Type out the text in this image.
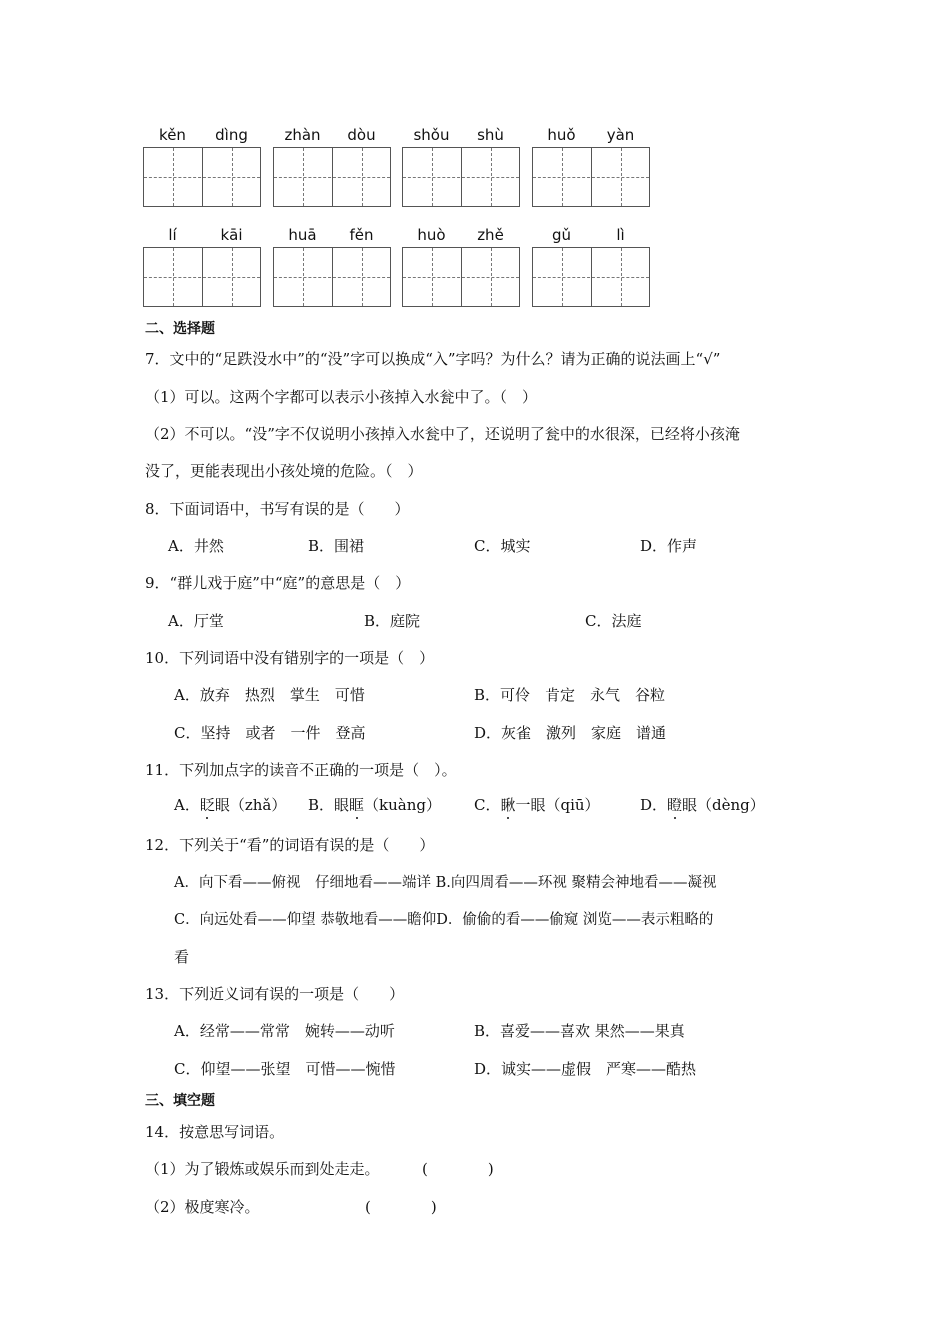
kěn	dìng	zhàn	dòu	shǒu	shù	huǒ	yàn
lí	kāi	huā	fěn	huò	zhě	gǔ	lì
二、选择题
7．文中的“足跌没水中”的“没”字可以换成“入”字吗？为什么？请为正确的说法画上“√”
（1）可以。这两个字都可以表示小孩掉入水瓮中了。（　）
（2）不可以。“没”字不仅说明小孩掉入水瓮中了，还说明了瓮中的水很深，已经将小孩淹
没了，更能表现出小孩处境的危险。（　）
8．下面词语中，书写有误的是（　　）
A．井然	B．围裙	C．城实	D．作声
9．“群儿戏于庭”中“庭”的意思是（　）
A．厅堂	B．庭院	C．法庭
10．下列词语中没有错别字的一项是（　）
A．放弃　热烈　掌生　可惜	B．可伶　肯定　永气　谷粒
C．坚持　或者　一件　登高	D．灰雀　激列　家庭　谱通
11．下列加点字的读音不正确的一项是（　）。
A．眨眼（zhǎ） B．眼眶（kuàng） C．瞅一眼（qiū）	D．瞪眼（dèng）
12．下列关于“看”的词语有误的是（　　）
A．向下看——俯视　仔细地看——端详 B.向四周看——环视 聚精会神地看——凝视
C．向远处看——仰望 恭敬地看——瞻仰D．偷偷的看——偷窥 浏览——表示粗略的
看
13．下列近义词有误的一项是（　　）
A．经常——常常　婉转——动听	B．喜爱——喜欢 果然——果真
C．仰望——张望　可惜——惋惜	D．诚实——虚假　严寒——酷热
三、填空题
14．按意思写词语。
（1）为了锻炼或娱乐而到处走走。	(　　　　)
（2）极度寒冷。	(　　　　)
